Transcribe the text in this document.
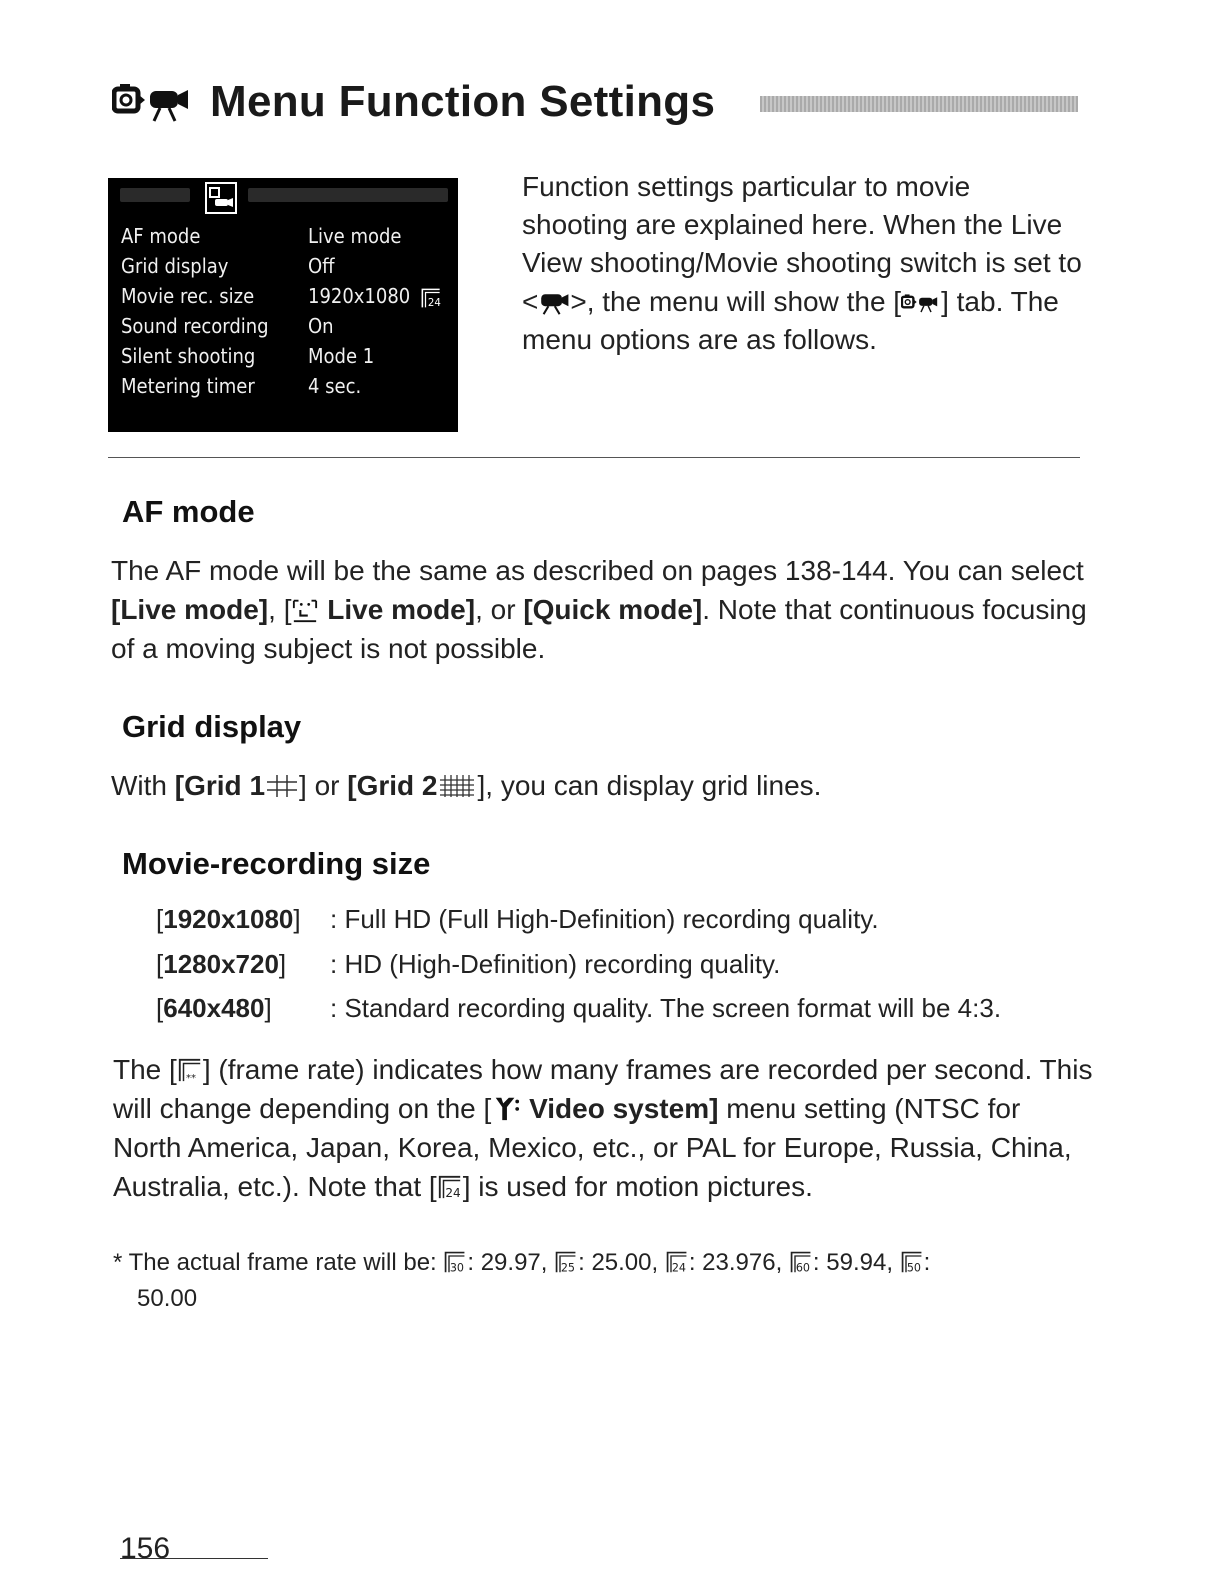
Menu Function Settings
AF mode	Live mode
Grid display	Off
Movie rec. size	1920x1080 24
Sound recording On
Silent shooting	Mode 1
Metering timer	4 sec.
Function settings particular to movie shooting are explained here. When the Live View shooting/Movie shooting switch is set to < >, the menu will show the [ ] tab. The menu options are as follows.
AF mode
The AF mode will be the same as described on pages 138-144. You can select [Live mode], [ Live mode], or [Quick mode]. Note that continuous focusing of a moving subject is not possible.
Grid display
With [Grid 1 ] or [Grid 2 ], you can display grid lines.
Movie-recording size
[1920x1080] : Full HD (Full High-Definition) recording quality.
[1280x720] : HD (High-Definition) recording quality.
[640x480] : Standard recording quality. The screen format will be 4:3.
The [ ** ] (frame rate) indicates how many frames are recorded per second. This will change depending on the [ Video system] menu setting (NTSC for North America, Japan, Korea, Mexico, etc., or PAL for Europe, Russia, China, Australia, etc.). Note that [ 24 ] is used for motion pictures.
* The actual frame rate will be: 30 : 29.97, 25 : 25.00, 24 : 23.976, 60 : 59.94, 50 :
50.00
156
